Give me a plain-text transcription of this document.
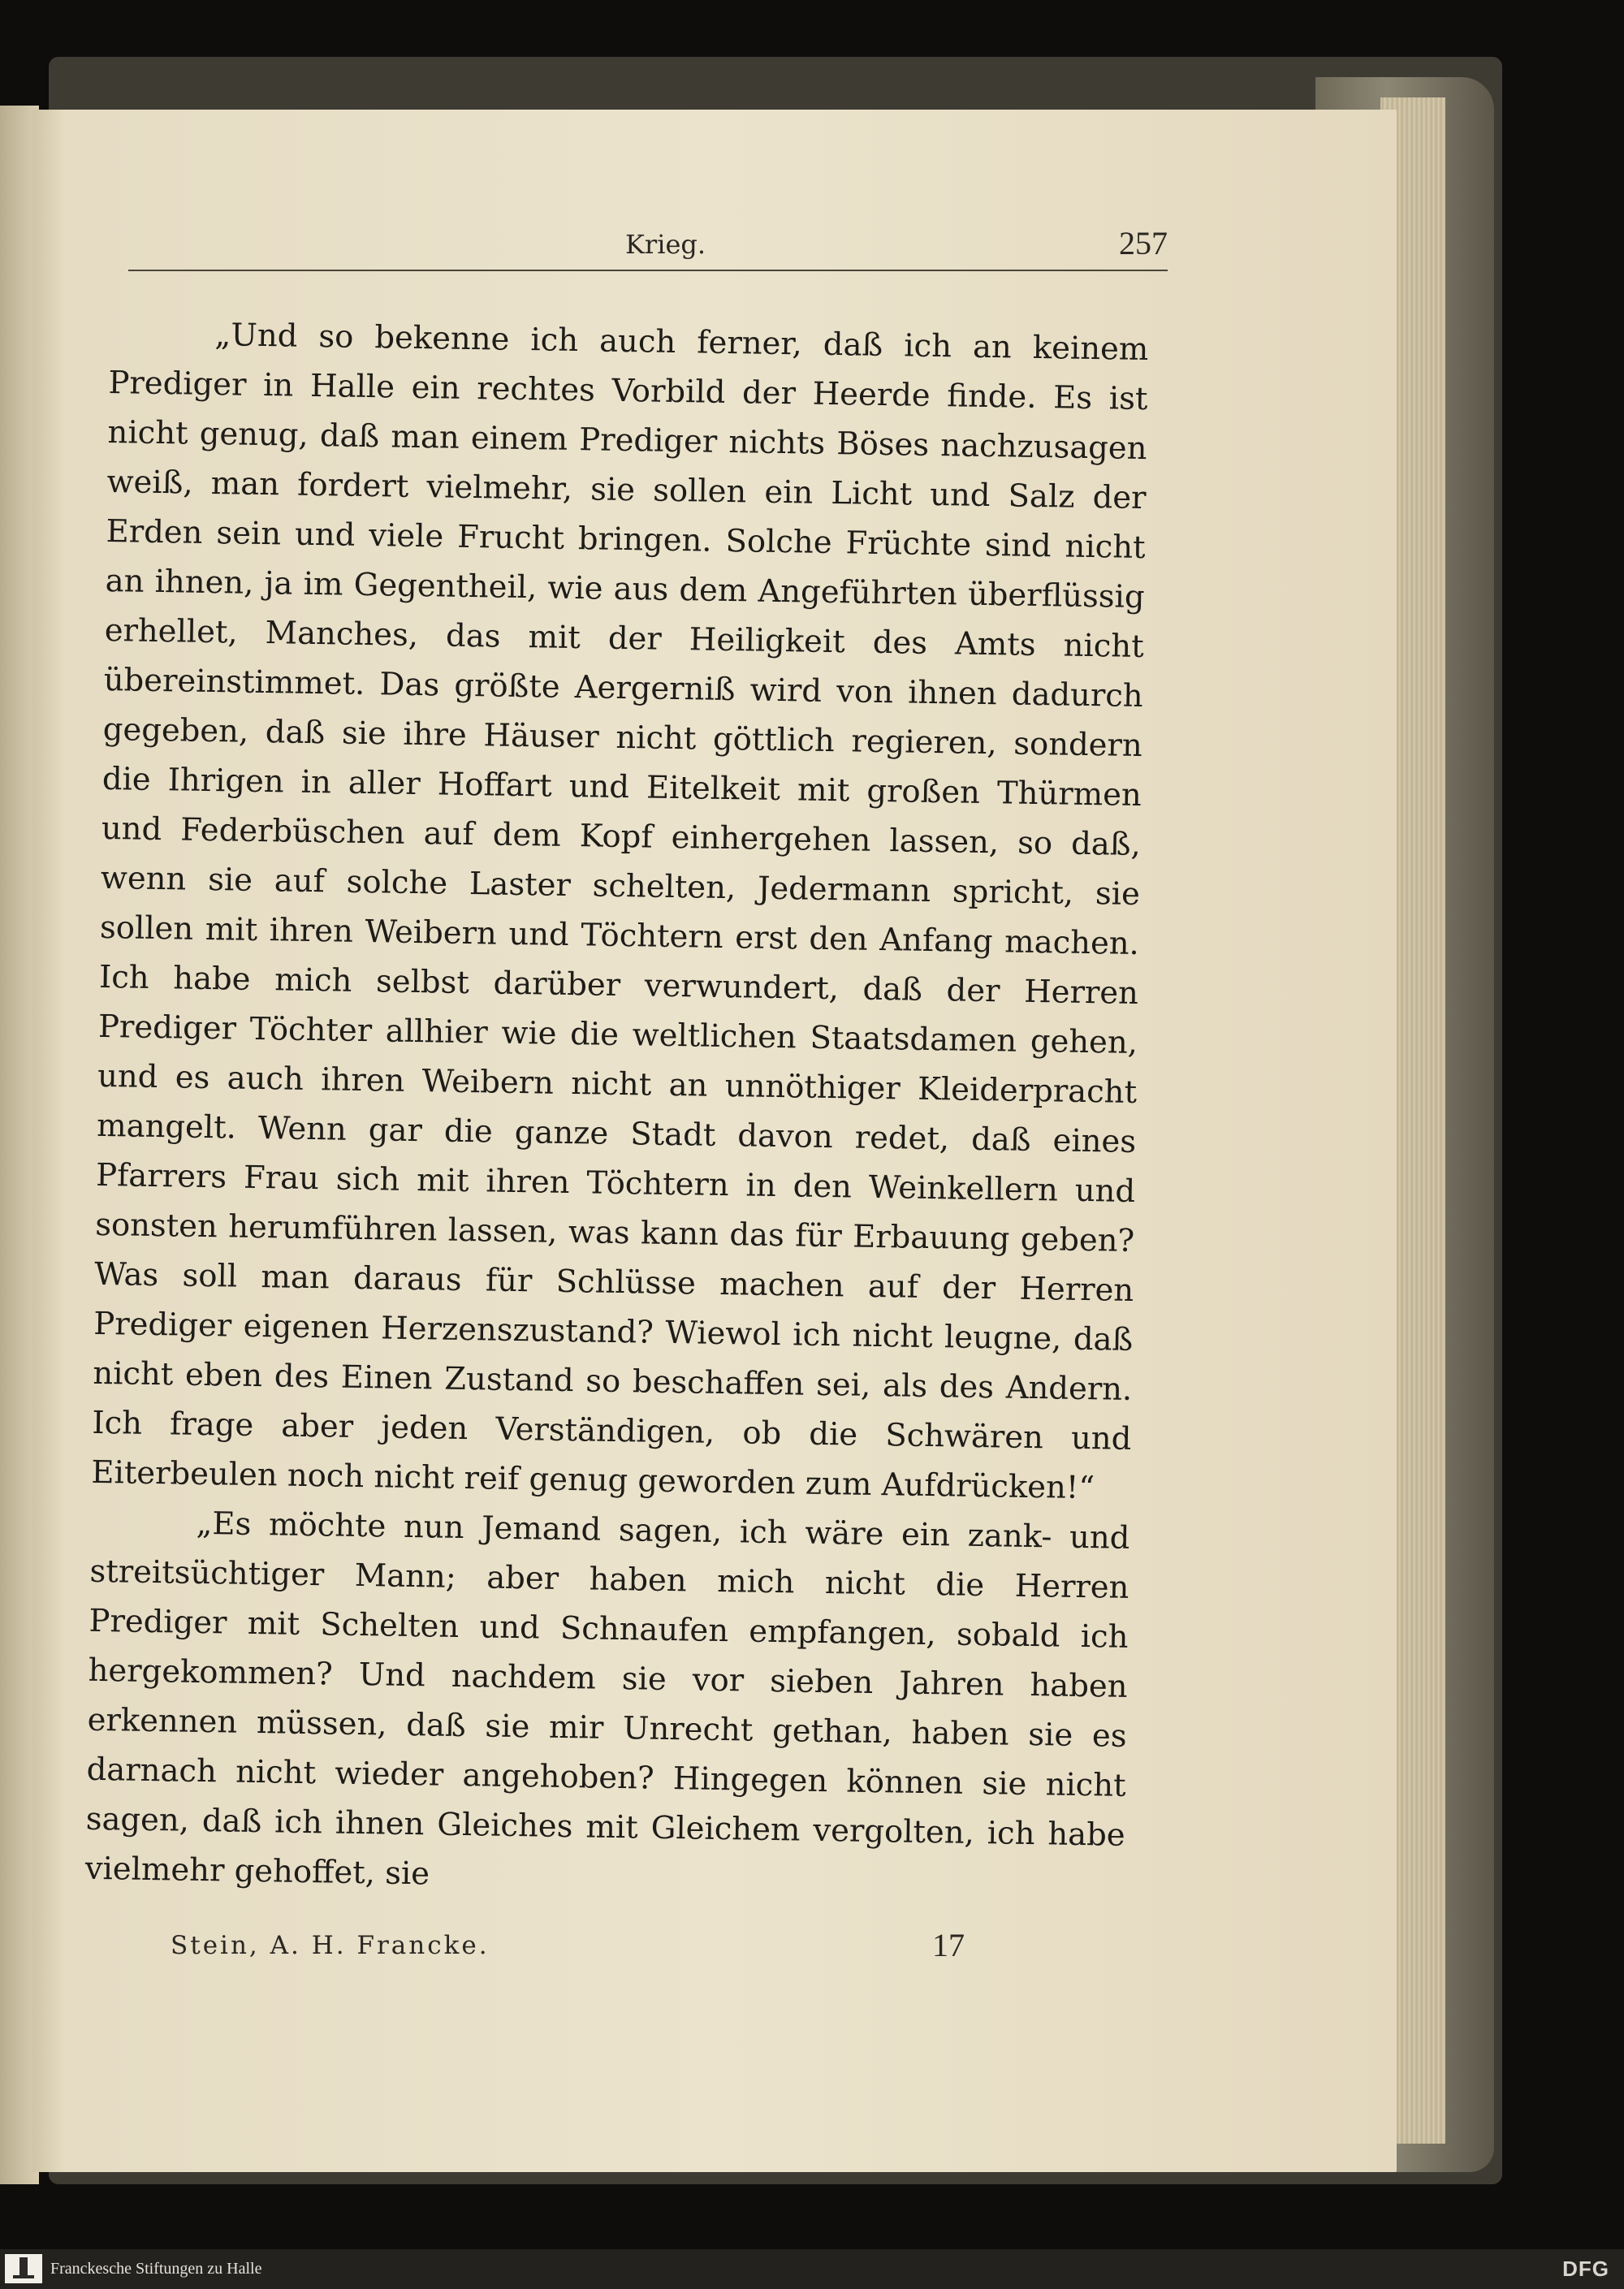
Krieg.	257

„Und so bekenne ich auch ferner, daß ich an keinem Prediger in Halle ein rechtes Vorbild der Heerde finde. Es ist nicht genug, daß man einem Prediger nichts Böses nachzusagen weiß, man fordert vielmehr, sie sollen ein Licht und Salz der Erden sein und viele Frucht bringen. Solche Früchte sind nicht an ihnen, ja im Gegentheil, wie aus dem Angeführten überflüssig erhellet, Manches, das mit der Heiligkeit des Amts nicht übereinstimmet. Das größte Aergerniß wird von ihnen dadurch gegeben, daß sie ihre Häuser nicht göttlich regieren, sondern die Ihrigen in aller Hoffart und Eitelkeit mit großen Thürmen und Federbüschen auf dem Kopf einhergehen lassen, so daß, wenn sie auf solche Laster schelten, Jedermann spricht, sie sollen mit ihren Weibern und Töchtern erst den Anfang machen. Ich habe mich selbst darüber verwundert, daß der Herren Prediger Töchter allhier wie die weltlichen Staatsdamen gehen, und es auch ihren Weibern nicht an unnöthiger Kleiderpracht mangelt. Wenn gar die ganze Stadt davon redet, daß eines Pfarrers Frau sich mit ihren Töchtern in den Weinkellern und sonsten herumführen lassen, was kann das für Erbauung geben? Was soll man daraus für Schlüsse machen auf der Herren Prediger eigenen Herzenszustand? Wiewol ich nicht leugne, daß nicht eben des Einen Zustand so beschaffen sei, als des Andern. Ich frage aber jeden Verständigen, ob die Schwären und Eiterbeulen noch nicht reif genug geworden zum Aufdrücken!“

„Es möchte nun Jemand sagen, ich wäre ein zank- und streitsüchtiger Mann; aber haben mich nicht die Herren Prediger mit Schelten und Schnaufen empfangen, sobald ich hergekommen? Und nachdem sie vor sieben Jahren haben erkennen müssen, daß sie mir Unrecht gethan, haben sie es darnach nicht wieder angehoben? Hingegen können sie nicht sagen, daß ich ihnen Gleiches mit Gleichem vergolten, ich habe vielmehr gehoffet, sie

Stein, A. H. Francke.	17
Franckesche Stiftungen zu Halle	DFG
